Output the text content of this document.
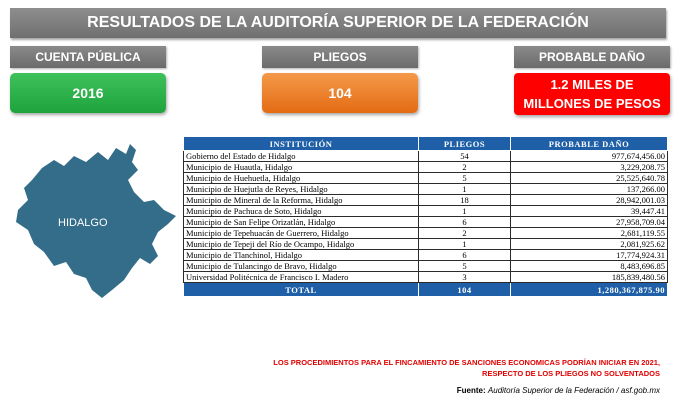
RESULTADOS DE LA AUDITORÍA SUPERIOR DE LA FEDERACIÓN
CUENTA PÚBLICA
2016
PLIEGOS
104
PROBABLE DAÑO
1.2 MILES DE MILLONES DE PESOS
HIDALGO
INSTITUCIÓN	PLIEGOS	PROBABLE DAÑO
Gobierno del Estado de Hidalgo	54	977,674,456.00
Municipio de Huautla, Hidalgo	2	3,229,208.75
Municipio de Huehuetla, Hidalgo	5	25,525,640.78
Municipio de Huejutla de Reyes, Hidalgo	1	137,266.00
Municipio de Mineral de la Reforma, Hidalgo	18	28,942,001.03
Municipio de Pachuca de Soto, Hidalgo	1	39,447.41
Municipio de San Felipe Orizatlán, Hidalgo	6	27,958,709.04
Municipio de Tepehuacán de Guerrero, Hidalgo	2	2,681,119.55
Municipio de Tepeji del Río de Ocampo, Hidalgo	1	2,081,925.62
Municipio de Tlanchinol, Hidalgo	6	17,774,924.31
Municipio de Tulancingo de Bravo, Hidalgo	5	8,483,696.85
Universidad Politécnica de Francisco I. Madero	3	185,839,480.56
TOTAL	104	1,280,367,875.90
LOS PROCEDIMIENTOS PARA EL FINCAMIENTO DE SANCIONES ECONOMICAS PODRÍAN INICIAR EN 2021,
RESPECTO DE LOS PLIEGOS NO SOLVENTADOS
Fuente: Auditoría Superior de la Federación / asf.gob.mx
